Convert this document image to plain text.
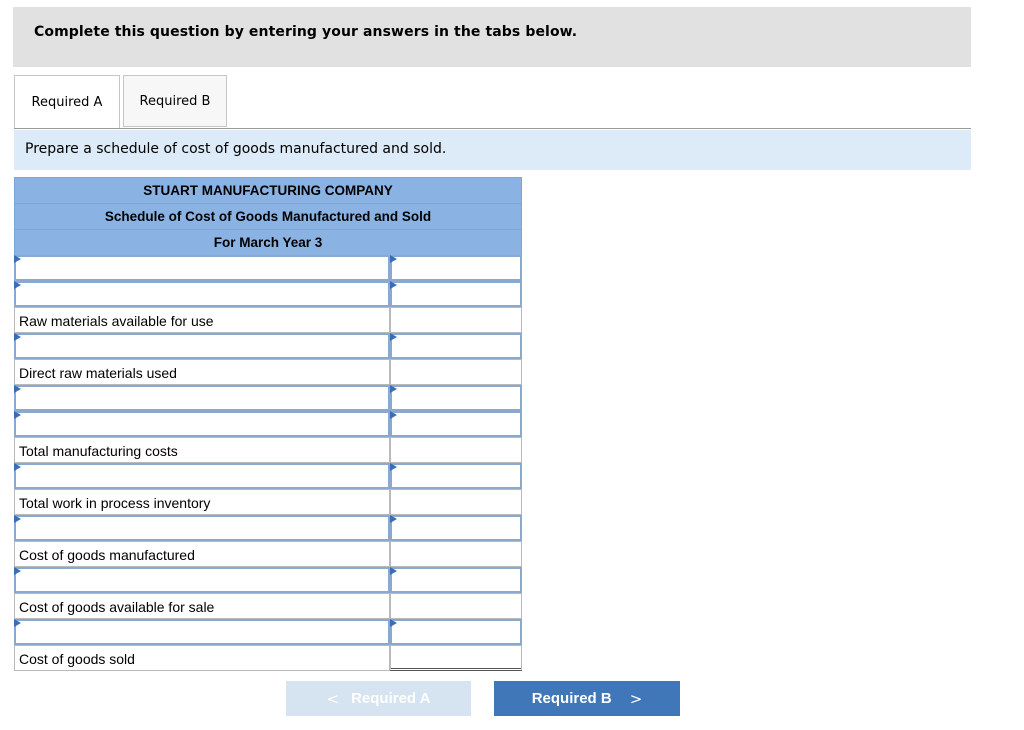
Complete this question by entering your answers in the tabs below.
Required A	Required B
Prepare a schedule of cost of goods manufactured and sold.
STUART MANUFACTURING COMPANY
Schedule of Cost of Goods Manufactured and Sold
For March Year 3
Raw materials available for use
Direct raw materials used
Total manufacturing costs
Total work in process inventory
Cost of goods manufactured
Cost of goods available for sale
Cost of goods sold
< Required A	Required B >
